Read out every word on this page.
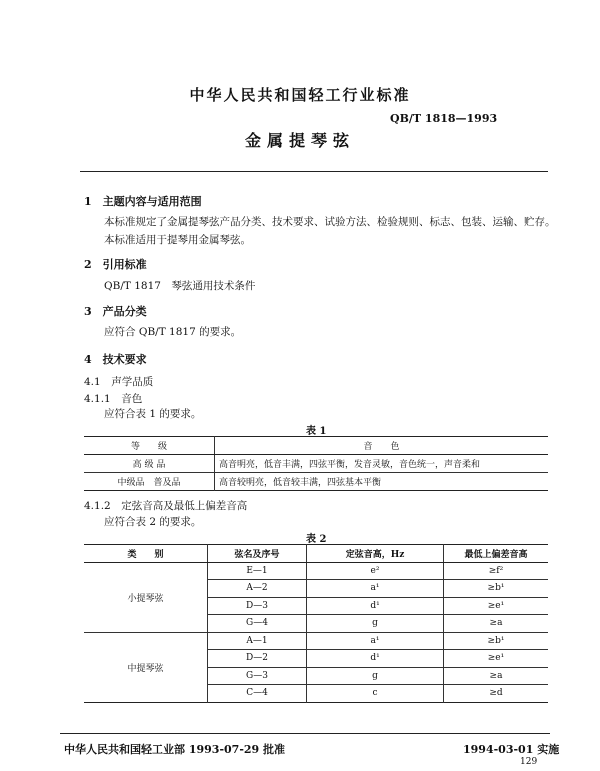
中华人民共和国轻工行业标准
QB/T 1818—1993
金属提琴弦
1　主题内容与适用范围
本标准规定了金属提琴弦产品分类、技术要求、试验方法、检验规则、标志、包装、运输、贮存。
本标准适用于提琴用金属琴弦。
2　引用标准
QB/T 1817　琴弦通用技术条件
3　产品分类
应符合 QB/T 1817 的要求。
4　技术要求
4.1　声学品质
4.1.1　音色
应符合表 1 的要求。
表 1
等　　级	音　　色
高 级 品	高音明亮，低音丰满，四弦平衡，发音灵敏，音色统一，声音柔和
中级品　普及品	高音较明亮，低音较丰满，四弦基本平衡
4.1.2　定弦音高及最低上偏差音高
应符合表 2 的要求。
表 2
类　　别	弦名及序号	定弦音高，Hz	最低上偏差音高
小提琴弦	E—1	e²	≥f²
	A—2	a¹	≥b¹
	D—3	d¹	≥e¹
	G—4	g	≥a
中提琴弦	A—1	a¹	≥b¹
	D—2	d¹	≥e¹
	G—3	g	≥a
	C—4	c	≥d
中华人民共和国轻工业部 1993-07-29 批准	1994-03-01 实施
129
